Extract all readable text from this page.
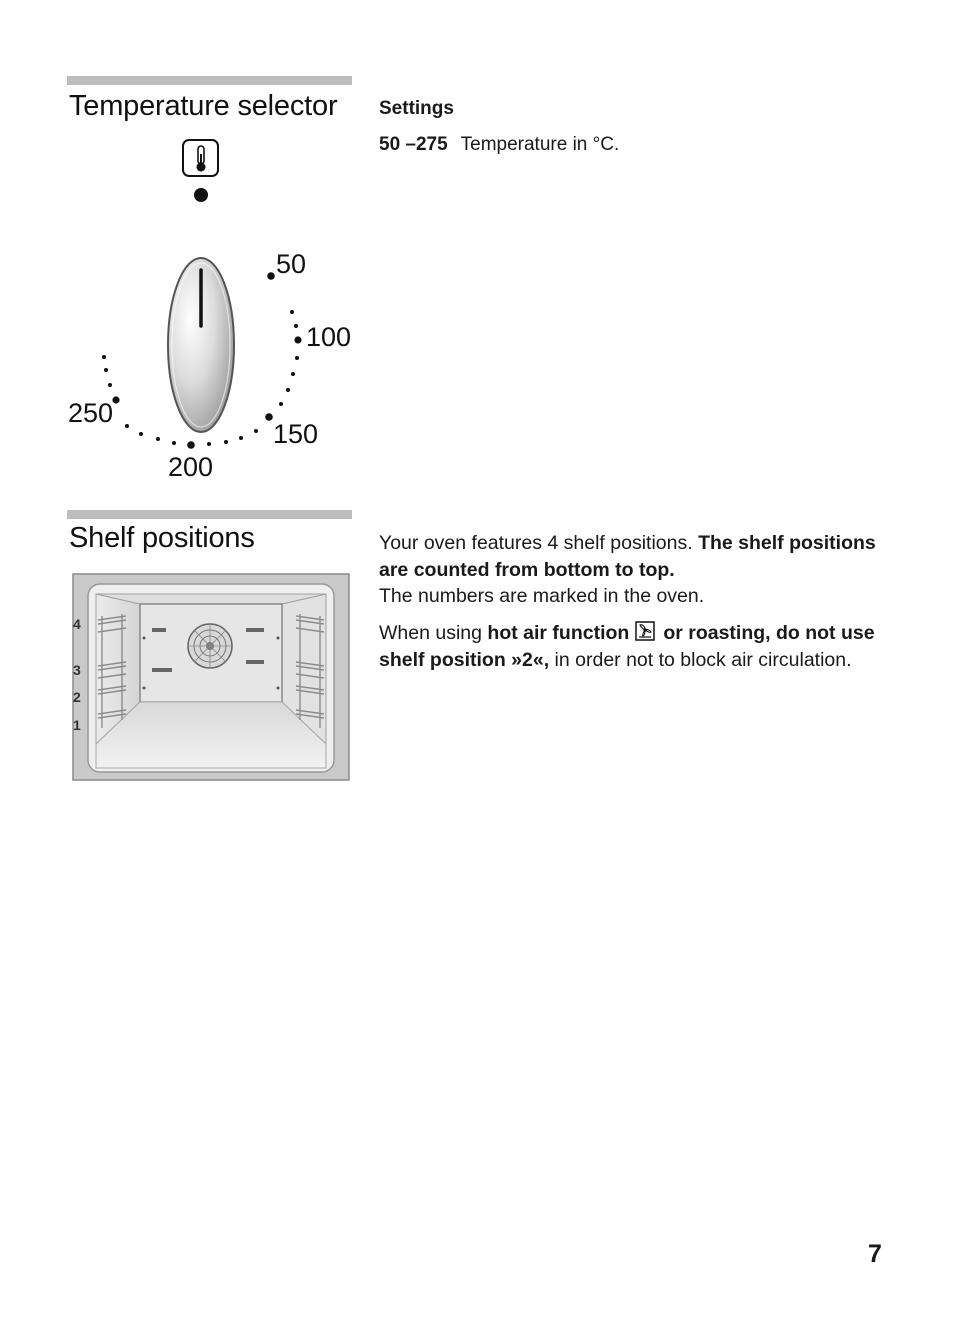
Temperature selector Settings
50 –275 Temperature in °C.
50
100
150
200
250
Shelf positions
4
3
2
1

Your oven features 4 shelf positions. The shelf positions are counted from bottom to top.
The numbers are marked in the oven.

When using hot air function or roasting, do not use shelf position »2«, in order not to block air circulation.

7
